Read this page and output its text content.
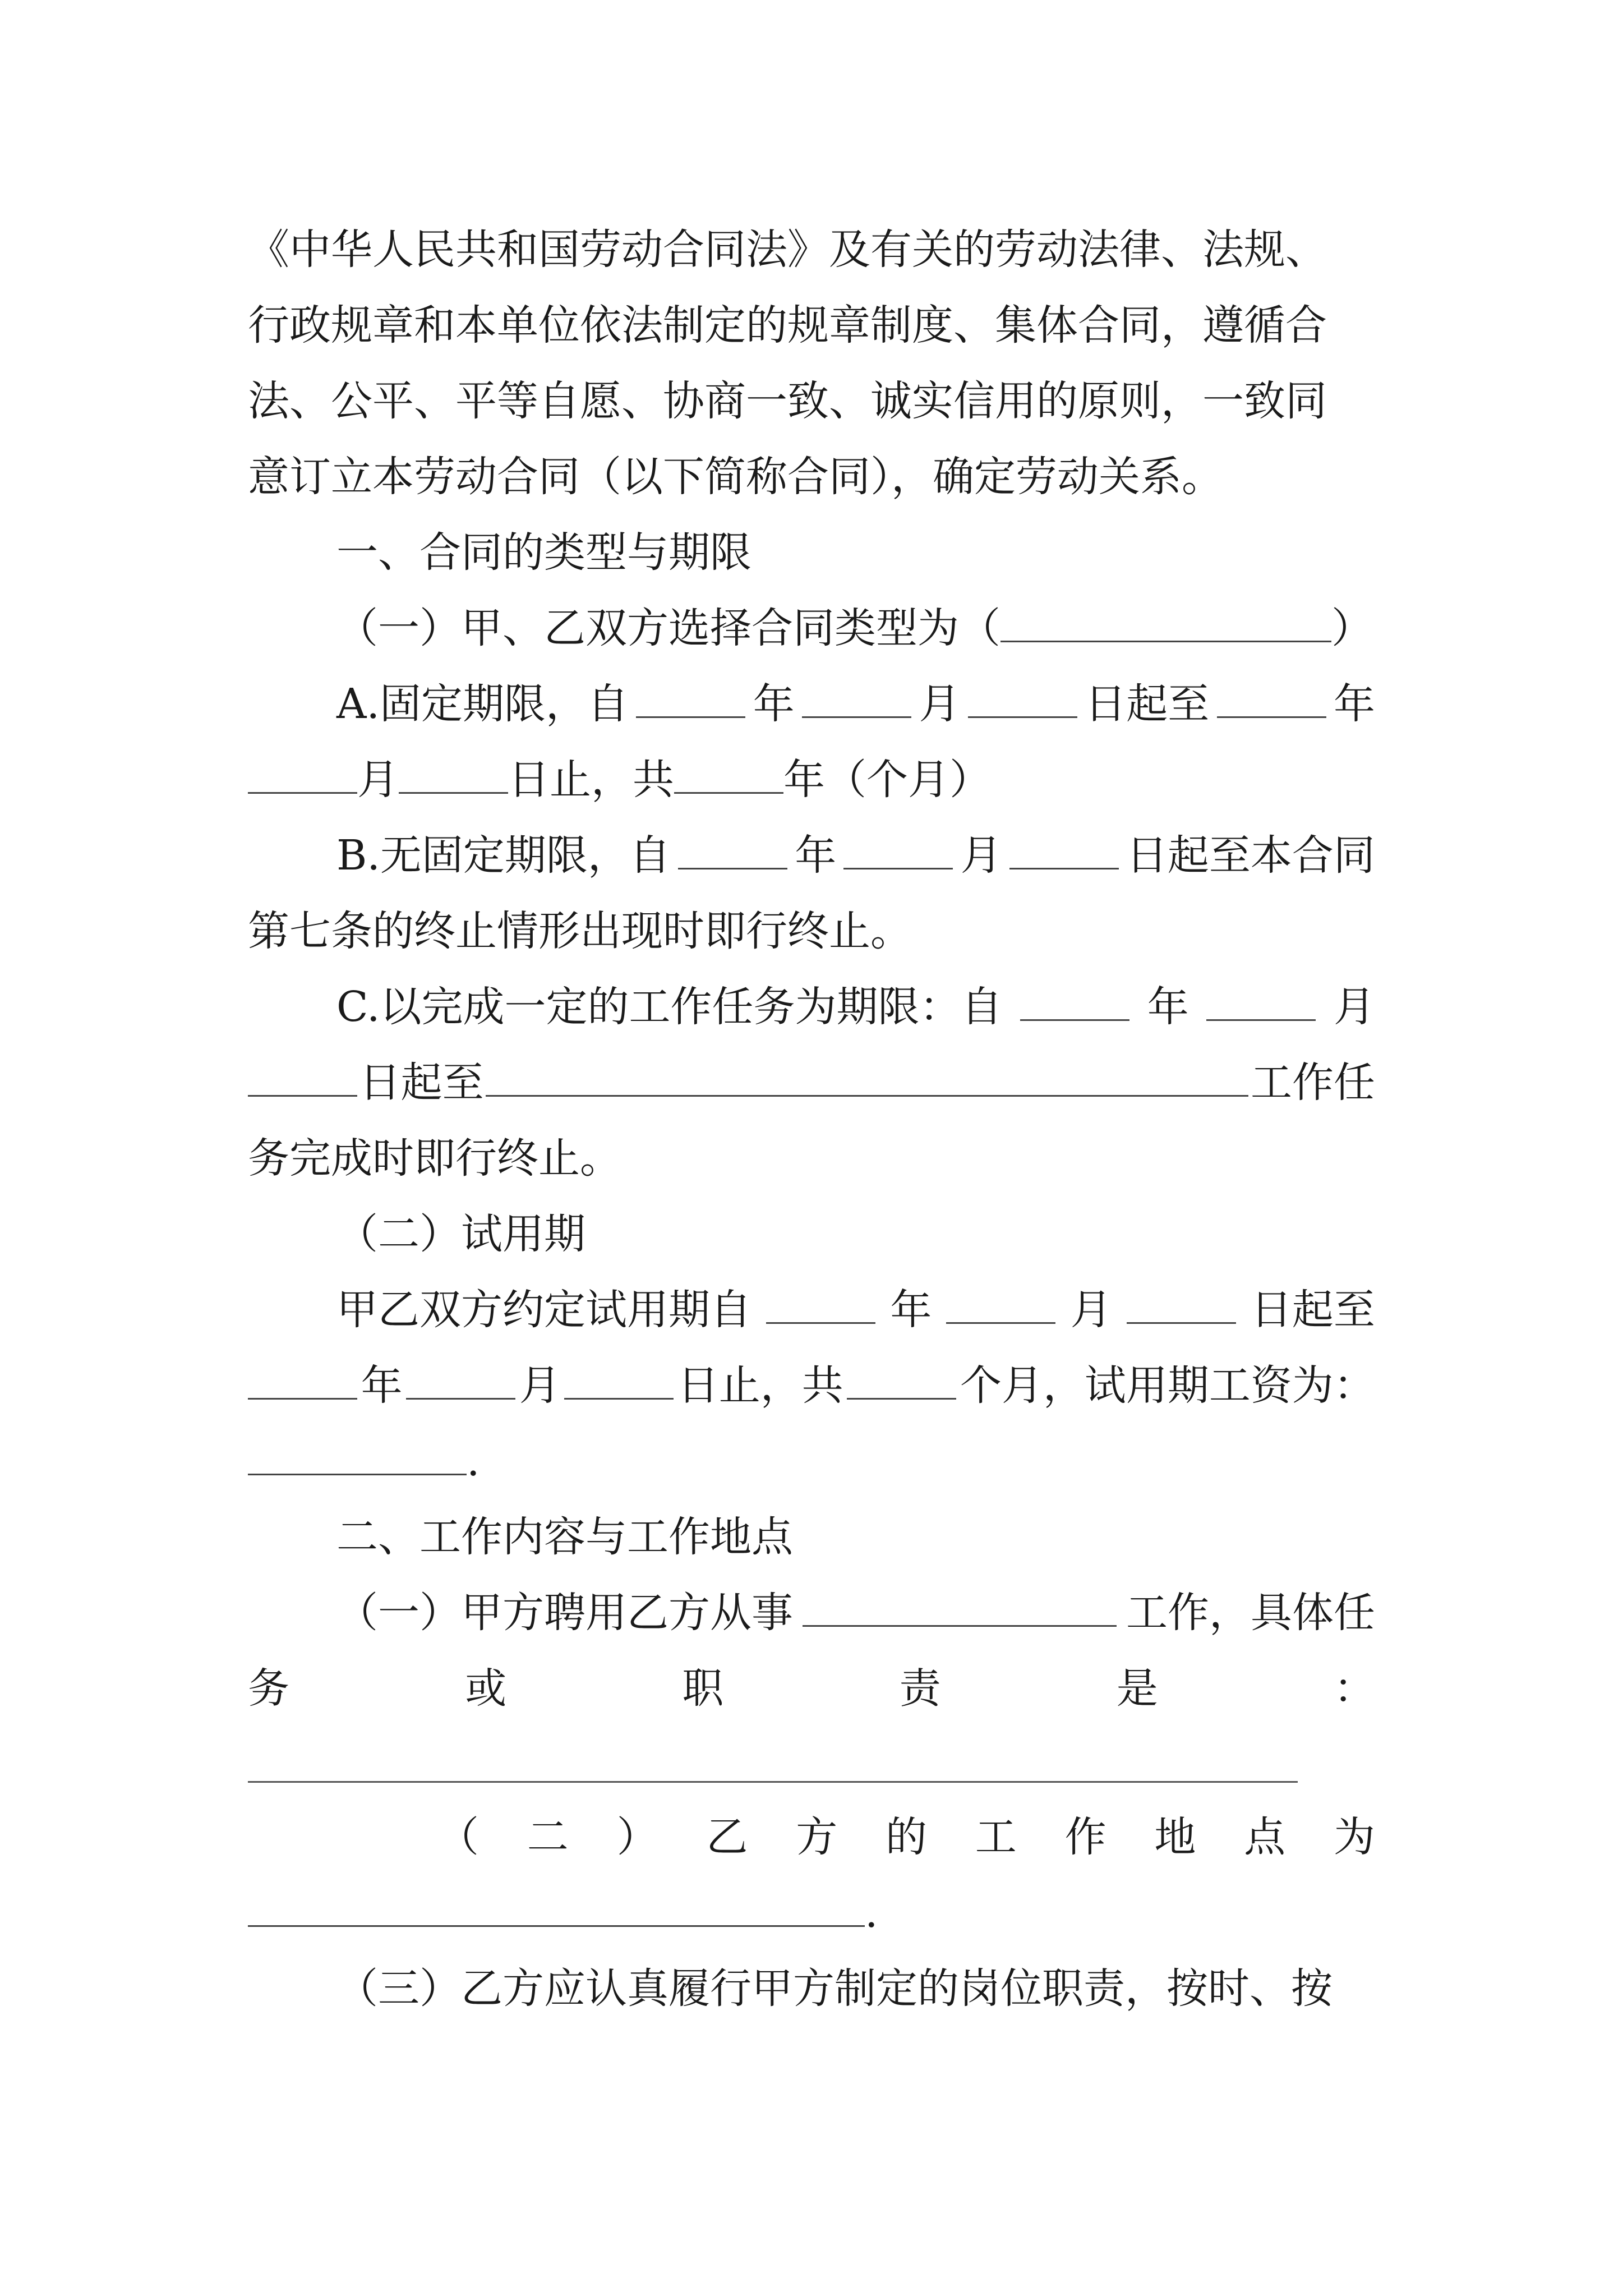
《中华人民共和国劳动合同法》及有关的劳动法律、法规、
行政规章和本单位依法制定的规章制度、集体合同，遵循合
法、公平、平等自愿、协商一致、诚实信用的原则，一致同
意订立本劳动合同（以下简称合同），确定劳动关系。
一、合同的类型与期限
（一）甲、乙双方选择合同类型为（	）
A.固定期限，自	年	月	日起至	年
月	日止，共	年（个月）
B.无固定期限，自	年	月	日起至本合同
第七条的终止情形出现时即行终止。
C.以完成一定的工作任务为期限：自	年	月
日起至	工作任
务完成时即行终止。
（二）试用期
甲乙双方约定试用期自	年	月	日起至
年	月	日止，共	个月，试用期工资为：
.
二、工作内容与工作地点
（一）甲方聘用乙方从事	工作，具体任
务	或	职	责	是	：
（ 二 ） 乙 方 的 工 作 地 点 为
.
（三）乙方应认真履行甲方制定的岗位职责，按时、按
